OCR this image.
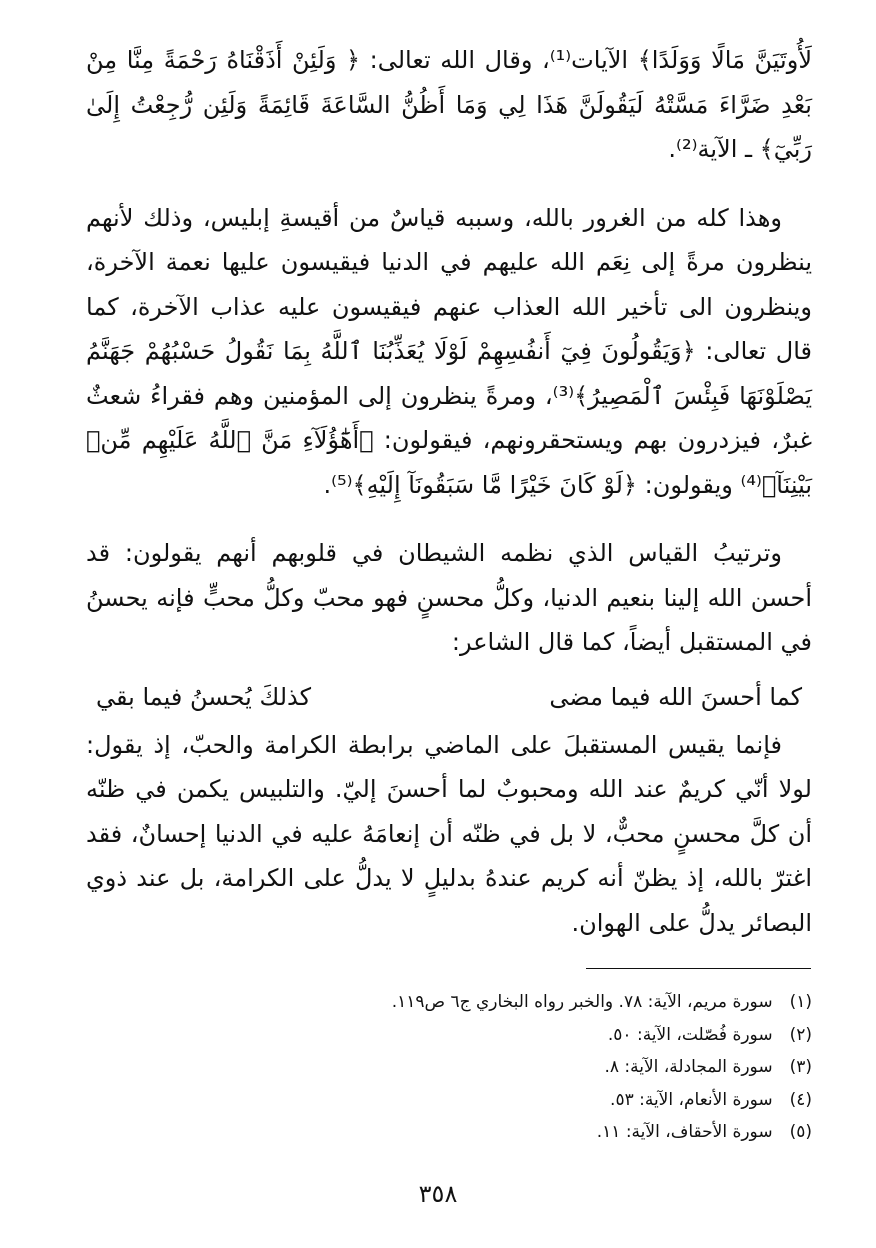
لَأُوتَيَنَّ مَالًا وَوَلَدًا﴾ الآيات⁽¹⁾، وقال الله تعالى: ﴿ وَلَئِنْ أَذَقْنَاهُ رَحْمَةً مِنَّا مِنْ بَعْدِ ضَرَّاءَ مَسَّتْهُ لَيَقُولَنَّ هَذَا لِي وَمَا أَظُنُّ السَّاعَةَ قَائِمَةً وَلَئِن رُّجِعْتُ إِلَىٰ رَبِّيٓ﴾ ـ الآية⁽²⁾.

وهذا كله من الغرور بالله، وسببه قياسٌ من أقيسةِ إبليس، وذلك لأنهم ينظرون مرةً إلى نِعَم الله عليهم في الدنيا فيقيسون عليها نعمة الآخرة، وينظرون الى تأخير الله العذاب عنهم فيقيسون عليه عذاب الآخرة، كما قال تعالى: ﴿وَيَقُولُونَ فِيٓ أَنفُسِهِمْ لَوْلَا يُعَذِّبُنَا ٱللَّهُ بِمَا نَقُولُ حَسْبُهُمْ جَهَنَّمُ يَصْلَوْنَهَا فَبِئْسَ ٱلْمَصِيرُ﴾⁽³⁾، ومرةً ينظرون إلى المؤمنين وهم فقراءُ شعثٌ غبرٌ، فيزدرون بهم ويستحقرونهم، فيقولون: ﴿أَهَٰٓؤُلَآءِ مَنَّ ٱللَّهُ عَلَيْهِم مِّنۢ بَيْنِنَآ﴾⁽⁴⁾ ويقولون: ﴿لَوْ كَانَ خَيْرًا مَّا سَبَقُونَآ إِلَيْهِ﴾⁽⁵⁾.

وترتيبُ القياس الذي نظمه الشيطان في قلوبهم أنهم يقولون: قد أحسن الله إلينا بنعيم الدنيا، وكلُّ محسنٍ فهو محبّ وكلُّ محبٍّ فإنه يحسنُ في المستقبل أيضاً، كما قال الشاعر:

كما أحسنَ الله فيما مضى
كذلكَ يُحسنُ فيما بقي

فإنما يقيس المستقبلَ على الماضي برابطة الكرامة والحبّ، إذ يقول: لولا أنّي كريمٌ عند الله ومحبوبٌ لما أحسنَ إليّ. والتلبيس يكمن في ظنّه أن كلَّ محسنٍ محبٌّ، لا بل في ظنّه أن إنعامَهُ عليه في الدنيا إحسانٌ، فقد اغترّ بالله، إذ يظنّ أنه كريم عندهُ بدليلٍ لا يدلُّ على الكرامة، بل عند ذوي البصائر يدلُّ على الهوان.

(١) سورة مريم، الآية: ٧٨. والخبر رواه البخاري ج٦ ص١١٩.
(٢) سورة فُصّلت، الآية: ٥٠.
(٣) سورة المجادلة، الآية: ٨.
(٤) سورة الأنعام، الآية: ٥٣.
(٥) سورة الأحقاف، الآية: ١١.
٣٥٨
